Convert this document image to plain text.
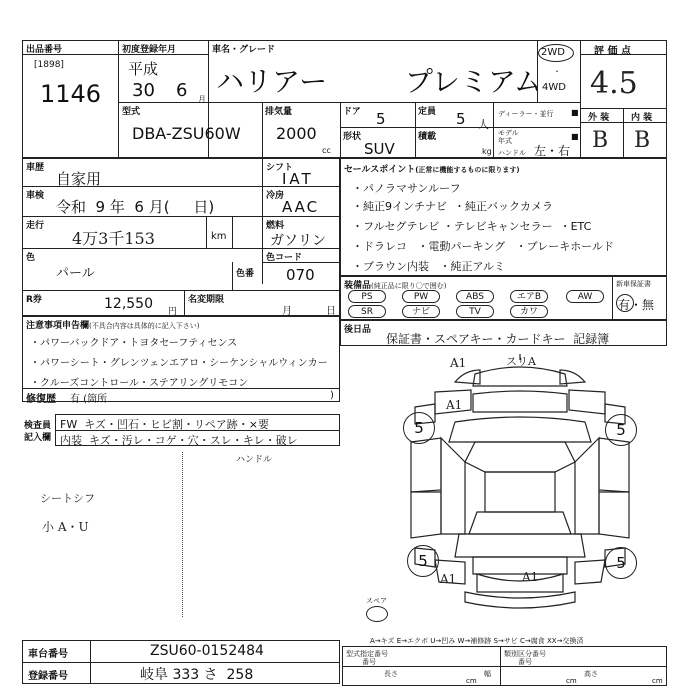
出品番号
[1898]
1146
初度登録年月
平成
30 6 月
車名・グレード
ハリアー	プレミアム
2WD
・
4WD
評 価 点
4.5
型式
DBA-ZSU60W
排気量
2000
cc
ドア 5	定員 5 人
ディーラー・並行 ■
形状
SUV
積載
kg
モデル
年式	■
ハンドル 左・右
外 装 内 装
B B
車歴
自家用
車検
令和  9 年  6 月(     日)
走行
4万3千153	km
色
パール	色番
R券	12,550 円
名変期限
月	日
シフト
IAT
冷房
AAC
燃料
ガソリン
色コード
070
セールスポイント(正常に機能するものに限ります)
・パノラマサンルーフ
・純正9インチナビ  ・純正バックカメラ
・フルセグテレビ ・テレビキャンセラー  ・ETC
・ドラレコ   ・電動パーキング   ・ブレーキホールド
・ブラウン内装   ・純正アルミ
装備品(純正品に限り〇で囲む)
PS	PW	ABS	エアB	AW
SR	ナビ	TV	カワ
新車保証書
有・無
後日品
保証書・スペアキー・カードキー  記録簿
注意事項申告欄(不具合内容は具体的に記入下さい)
・パワーバックドア・トヨタセーフティセンス
・パワーシート・グレンツェンエアロ・シーケンシャルウィンカー
・クルーズコントロール・ステアリングリモコン
修復歴 有 (箇所	)
検査員
記入欄
FW  キズ・凹石・ヒビ割・リペア跡・×要
内装  キズ・汚レ・コゲ・穴・スレ・キレ・破レ
ハンドル
シートシフ
小 A・U
A1	スリA
A1
5	5
5	5
A1	A1
スペア
A→キズ E→エクボ U→凹み W→補修跡 S→サビ C→腐食 XX→交換済
車台番号	ZSU60-0152484
登録番号	岐阜 333 さ  258
型式指定番号
番号
類別区分番号
番号
長さ	幅	高さ
cm	cm	cm
